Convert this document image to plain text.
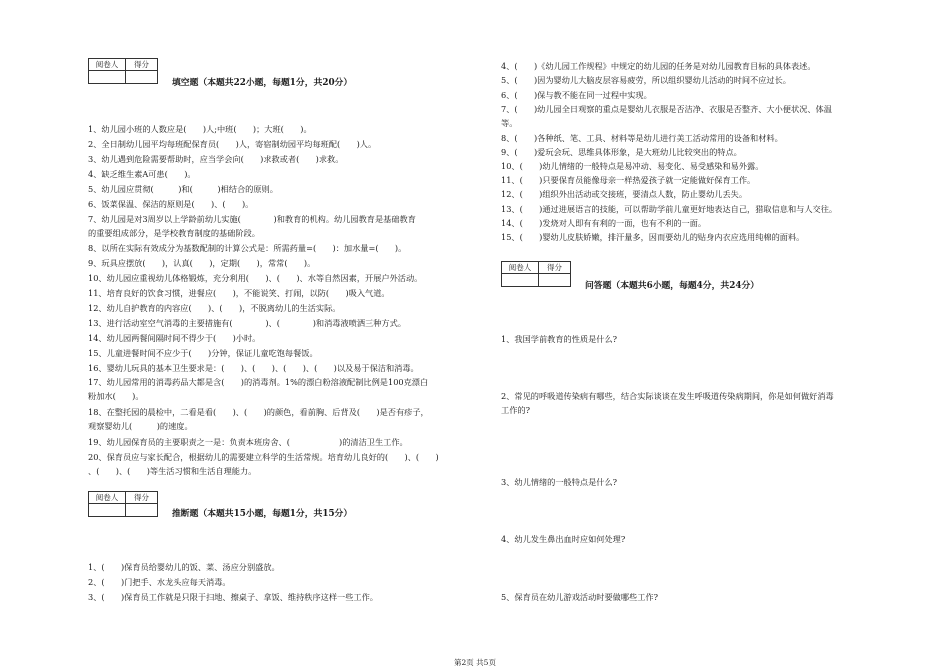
阅卷人	得分
填空题（本题共22小题，每题1分，共20分）
1、幼儿园小班的人数应是(　　)人;中班(　　)；大班(　　)。
2、全日制幼儿园平均每班配保育员(　　)人，寄宿制幼园平均每班配(　　)人。
3、幼儿遇到危险需要帮助时，应当学会向(　　)求救或者(　　)求救。
4、缺乏维生素A可患(　　)。
5、幼儿园应贯彻(　　　)和(　　　)相结合的原则。
6、饭菜保温、保洁的原则是(　　)、(　　)。
7、幼儿园是对3周岁以上学龄前幼儿实施(　　　　)和教育的机构。幼儿园教育是基础教育
的重要组成部分，是学校教育制度的基础阶段。
8、以所在实际有效成分为基数配制的计算公式是：所需药量=(　　)：加水量=(　　)。
9、玩具应摆放(　　)，认真(　　)，定期(　　)，常常(　　)。
10、幼儿园应重视幼儿体格锻炼，充分利用(　　)、(　　)、水等自然因素，开展户外活动。
11、培育良好的饮食习惯，进餐应(　　)，不能说笑、打闹，以防(　　)吸入气道。
12、幼儿自护教育的内容应(　　)、(　　)，不脱离幼儿的生活实际。
13、进行活动室空气消毒的主要措施有(　　　　)、(　　　　)和消毒液喷洒三种方式。
14、幼儿园两餐间隔时间不得少于(　　)小时。
15、儿童进餐时间不应少于(　　)分钟，保证儿童吃饱每餐饭。
16、婴幼儿玩具的基本卫生要求是：(　　)、(　　)、(　　)、(　　)以及易于保洁和消毒。
17、幼儿园常用的消毒药品大都是含(　　)的消毒剂。1%的漂白粉溶液配制比例是100克漂白
粉加水(　　)。
18、在整托园的晨检中，二看是看(　　)、(　　)的颜色，看前胸、后背及(　　)是否有疹子，
观察婴幼儿(　　　)的速度。
19、幼儿园保育员的主要职责之一是：负责本班房舍、(　　　　　　)的清洁卫生工作。
20、保育员应与家长配合，根据幼儿的需要建立科学的生活常规。培育幼儿良好的(　　)、(　　)
、(　　)、(　　)等生活习惯和生活自理能力。
阅卷人	得分
推断题（本题共15小题，每题1分，共15分）
1、(　　)保育员给婴幼儿的饭、菜、汤应分别盛放。
2、(　　)门把手、水龙头应每天消毒。
3、(　　)保育员工作就是只限于扫地、擦桌子、拿饭、维持秩序这样一些工作。
4、(　　)《幼儿园工作规程》中规定的幼儿园的任务是对幼儿园教育目标的具体表述。
5、(　　)因为婴幼儿大脑皮层容易疲劳，所以组织婴幼儿活动的时间不应过长。
6、(　　)保与教不能在同一过程中实现。
7、(　　)幼儿园全日观察的重点是婴幼儿衣服是否洁净、衣服是否整齐、大小便状况、体温
等。
8、(　　)各种纸、笔、工具、材料等是幼儿进行美工活动常用的设备和材料。
9、(　　)爱玩会玩、思维具体形象，是大班幼儿比较突出的特点。
10、(　　)幼儿情绪的一般特点是易冲动、易变化、易受感染和易外露。
11、(　　)只要保育员能像母亲一样热爱孩子就一定能做好保育工作。
12、(　　)组织外出活动或交接班，要清点人数，防止婴幼儿丢失。
13、(　　)通过进展语言的技能，可以帮助学前儿童更好地表达自己，猎取信息和与人交往。
14、(　　)发烧对人即有有利的一面，也有不利的一面。
15、(　　)婴幼儿皮肤娇嫩，排汗量多，因而要幼儿的贴身内衣应选用纯棉的面料。
阅卷人	得分
问答题（本题共6小题，每题4分，共24分）
1、我国学前教育的性质是什么?
2、常见的呼吸道传染病有哪些，结合实际谈谈在发生呼吸道传染病期间，你是如何做好消毒
工作的?
3、幼儿情绪的一般特点是什么?
4、幼儿发生鼻出血时应如何处理?
5、保育员在幼儿游戏活动时要做哪些工作?
第2页 共5页
